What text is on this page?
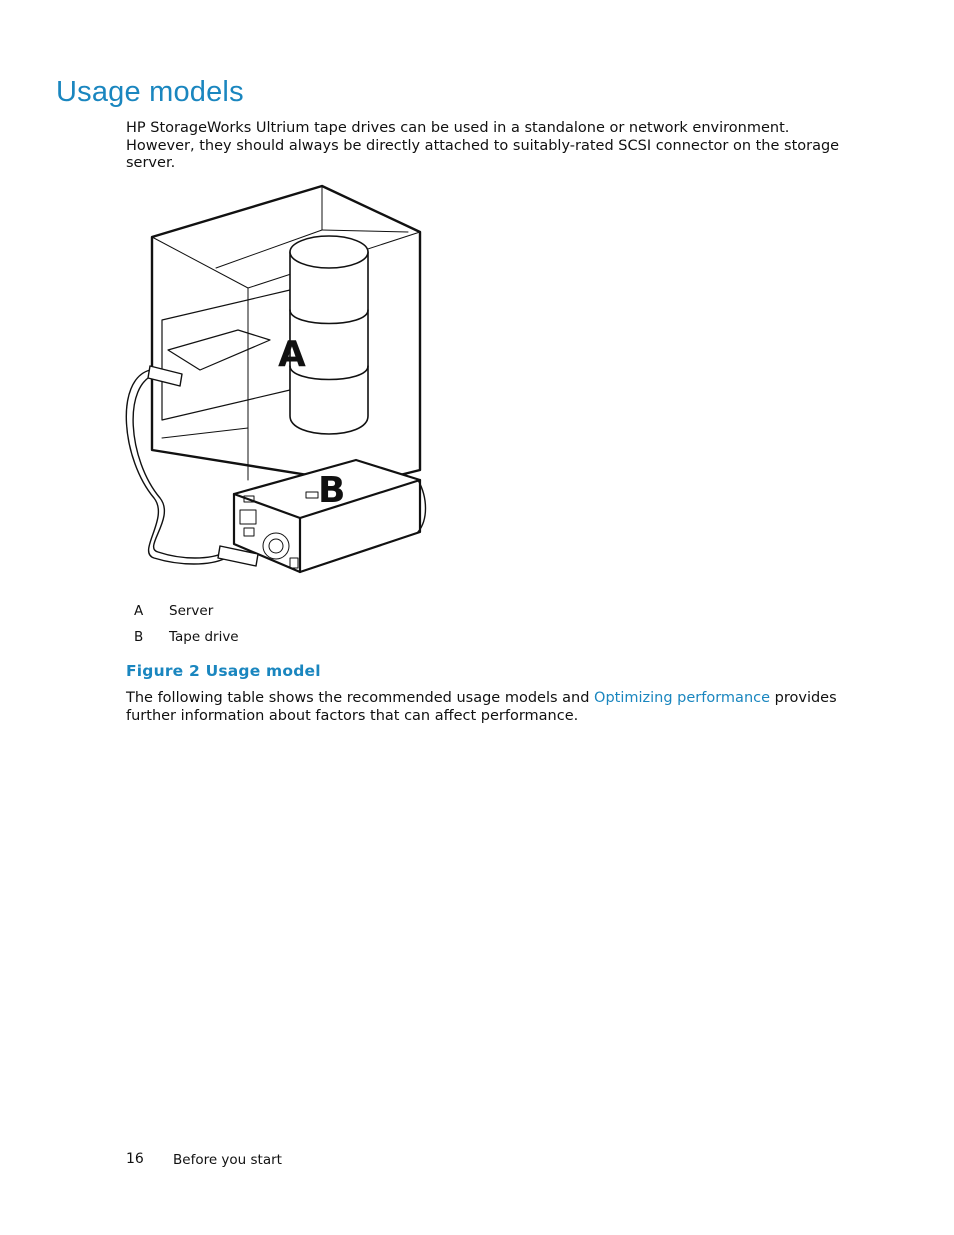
Usage models

HP StorageWorks Ultrium tape drives can be used in a standalone or network environment. However, they should always be directly attached to suitably-rated SCSI connector on the storage server.

A
B
A Server
B Tape drive
Figure 2 Usage model

The following table shows the recommended usage models and Optimizing performance provides further information about factors that can affect performance.

16 Before you start
